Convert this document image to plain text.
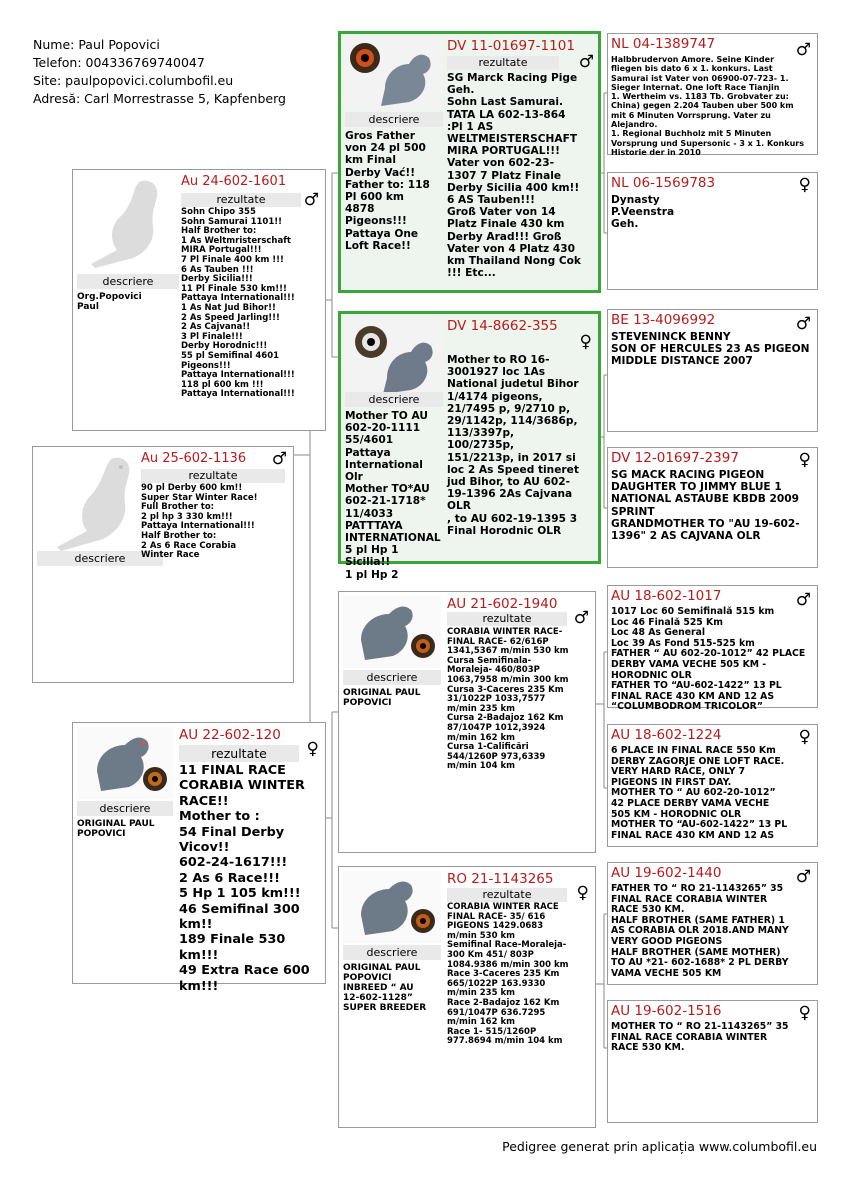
Nume: Paul Popovici
Telefon: 004336769740047
Site: paulpopovici.columbofil.eu
Adresă: Carl Morrestrasse 5, Kapfenberg
descriere
Au 25-602-1136 ♂
rezultate
90 pl Derby 600 km!!
Super Star Winter Race!
Full Brother to:
2 pl hp 3 330 km!!!
Pattaya International!!!
Half Brother to:
2 As 6 Race Corabia
Winter Race
descriere
Org.Popovici
Paul
Au 24-602-1601
♂
rezultate
Sohn Chipo 355
Sohn Samurai 1101!!
Half Brother to:
1 As Weltmristerschaft
MIRA Portugal!!!
7 Pl Finale 400 km !!!
6 As Tauben !!!
Derby Sicilia!!!
11 Pl Finale 530 km!!!
Pattaya International!!!
1 As Nat Jud Bihor!!
2 As Speed Jarling!!!
2 As Cajvana!!
3 Pl Finale!!!
Derby Horodnic!!!
55 pl Semifinal 4601
Pigeons!!!
Pattaya International!!!
118 pl 600 km !!!
Pattaya International!!!
descriere
ORIGINAL PAUL
POPOVICI
AU 22-602-120
♀
rezultate
11 FINAL RACE
CORABIA WINTER
RACE!!
Mother to :
54 Final Derby
Vicov!!
602-24-1617!!!
2 As 6 Race!!!
5 Hp 1 105 km!!!
46 Semifinal 300
km!!
189 Finale 530
km!!!
49 Extra Race 600
km!!!
descriere
Gros Father
von 24 pl 500
km Final
Derby Vać!!
Father to: 118
Pl 600 km
4878
Pigeons!!!
Pattaya One
Loft Race!!
DV 11-01697-1101
♂
rezultate
SG Marck Racing Pige
Geh.
Sohn Last Samurai.
TATA LA 602-13-864
:Pl 1 AS
WELTMEISTERSCHAFT
MIRA PORTUGAL!!!
Vater von 602-23-
1307 7 Platz Finale
Derby Sicilia 400 km!!
6 AS Tauben!!!
Groß Vater von 14
Platz Finale 430 km
Derby Arad!!! Groß
Vater von 4 Platz 430
km Thailand Nong Cok
!!! Etc...
descriere
Mother TO AU
602-20-1111
55/4601
Pattaya
International
Olr
Mother TO*AU
602-21-1718*
11/4033
PATTTAYA
INTERNATIONAL
5 pl Hp 1
Sicilia!!
1 pl Hp 2
DV 14-8662-355
♀
Mother to RO 16-
3001927 loc 1As
National judetul Bihor
1/4174 pigeons,
21/7495 p, 9/2710 p,
29/1142p, 114/3686p,
113/3397p,
100/2735p,
151/2213p, in 2017 si
loc 2 As Speed tineret
jud Bihor, to AU 602-
19-1396 2As Cajvana
OLR
, to AU 602-19-1395 3
Final Horodnic OLR
descriere
ORIGINAL PAUL
POPOVICI
AU 21-602-1940
♂
rezultate
CORABIA WINTER RACE-
FINAL RACE- 62/616P
1341,5367 m/min 530 km
Cursa Semifinala-
Moraleja- 460/803P
1063,7958 m/min 300 km
Cursa 3-Caceres 235 Km
31/1022P 1033,7577
m/min 235 km
Cursa 2-Badajoz 162 Km
87/1047P 1012,3924
m/min 162 km
Cursa 1-Calificări
544/1260P 973,6339
m/min 104 km
descriere
ORIGINAL PAUL
POPOVICI
INBREED “ AU
12-602-1128”
SUPER BREEDER
RO 21-1143265
♀
rezultate
CORABIA WINTER RACE
FINAL RACE- 35/ 616
PIGEONS 1429.0683
m/min 530 km
Semifinal Race-Moraleja-
300 Km 451/ 803P
1084.9386 m/min 300 km
Race 3-Caceres 235 Km
665/1022P 163.9330
m/min 235 km
Race 2-Badajoz 162 Km
691/1047P 636.7295
m/min 162 km
Race 1- 515/1260P
977.8694 m/min 104 km
NL 04-1389747	♂
Halbbrudervon Amore. Seine Kinder
fliegen bis dato 6 x 1. konkurs. Last
Samurai ist Vater von 06900-07-723- 1.
Sieger Internat. One loft Race Tianjin
1. Wertheim vs. 1183 Tb. Grobvater zu:
China) gegen 2.204 Tauben uber 500 km
mit 6 Minuten Vorrsprung. Vater zu
Alejandro.
1. Regional Buchholz mit 5 Minuten
Vorsprung und Supersonic - 3 x 1. Konkurs
Historie der in 2010
NL 06-1569783	♀
Dynasty
P.Veenstra
Geh.
BE 13-4096992	♂
STEVENINCK BENNY
SON OF HERCULES 23 AS PIGEON
MIDDLE DISTANCE 2007
DV 12-01697-2397	♀
SG MACK RACING PIGEON
DAUGHTER TO JIMMY BLUE 1
NATIONAL ASTAUBE KBDB 2009
SPRINT
GRANDMOTHER TO "AU 19-602-
1396" 2 AS CAJVANA OLR
AU 18-602-1017	♂
1017 Loc 60 Semifinală 515 km
Loc 46 Finală 525 Km
Loc 48 As General
Loc 39 As Fond 515-525 km
FATHER “ AU 602-20-1012” 42 PLACE
DERBY VAMA VECHE 505 KM -
HORODNIC OLR
FATHER TO “AU-602-1422” 13 PL
FINAL RACE 430 KM AND 12 AS
“COLUMBODROM TRICOLOR”
AU 18-602-1224	♀
6 PLACE IN FINAL RACE 550 Km
DERBY ZAGORJE ONE LOFT RACE.
VERY HARD RACE, ONLY 7
PIGEONS IN FIRST DAY.
MOTHER TO “ AU 602-20-1012”
42 PLACE DERBY VAMA VECHE
505 KM - HORODNIC OLR
MOTHER TO “AU-602-1422” 13 PL
FINAL RACE 430 KM AND 12 AS
AU 19-602-1440	♂
FATHER TO “ RO 21-1143265” 35
FINAL RACE CORABIA WINTER
RACE 530 KM.
HALF BROTHER (SAME FATHER) 1
AS CORABIA OLR 2018.AND MANY
VERY GOOD PIGEONS
HALF BROTHER (SAME MOTHER)
TO AU *21- 602-1688* 2 PL DERBY
VAMA VECHE 505 KM
AU 19-602-1516	♀
MOTHER TO “ RO 21-1143265” 35
FINAL RACE CORABIA WINTER
RACE 530 KM.
Pedigree generat prin aplicația www.columbofil.eu
